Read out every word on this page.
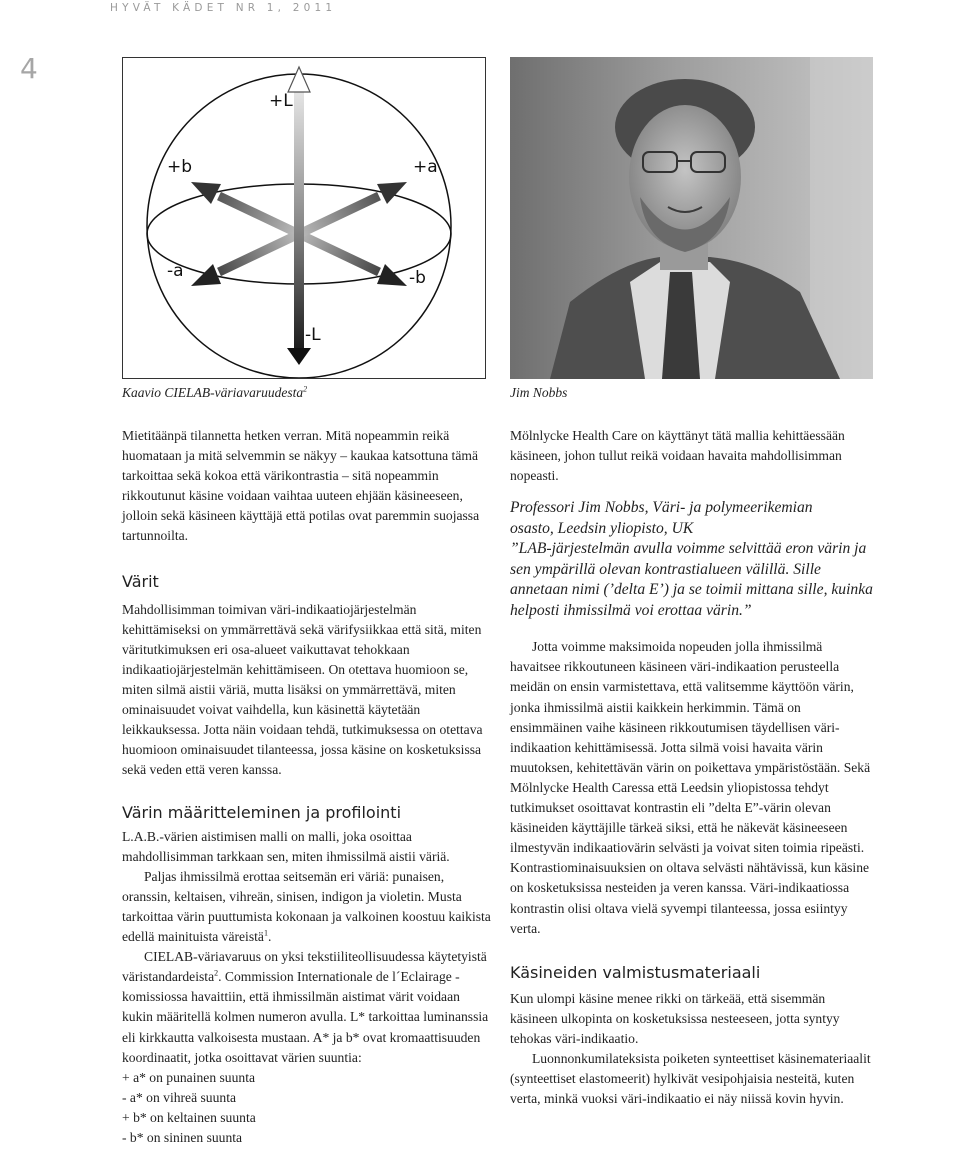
HYVÄT KÄDET NR 1, 2011
4
+L
+b	+a
-a	-b
-L
Kaavio CIELAB-väriavaruudesta$^2$	Jim Nobbs

Mietitäänpä tilannetta hetken verran. Mitä nopeammin reikä huomataan ja mitä selvemmin se näkyy – kaukaa katsottuna tämä tarkoittaa sekä kokoa että värikontrastia – sitä nopeammin rikkoutunut käsine voidaan vaihtaa uuteen ehjään käsineeseen, jolloin sekä käsineen käyttäjä että potilas ovat paremmin suojassa tartunnoilta.

Värit

Mahdollisimman toimivan väri-indikaatiojärjestelmän kehittämiseksi on ymmärrettävä sekä värifysiikkaa että sitä, miten väritutkimuksen eri osa-alueet vaikuttavat tehokkaan indikaatiojärjestelmän kehittämiseen. On otettava huomioon se, miten silmä aistii väriä, mutta lisäksi on ymmärrettävä, miten ominaisuudet voivat vaihdella, kun käsinettä käytetään leikkauksessa. Jotta näin voidaan tehdä, tutkimuksessa on otettava huomioon ominaisuudet tilanteessa, jossa käsine on kosketuksissa sekä veden että veren kanssa.

Värin määritteleminen ja profilointi

L.A.B.-värien aistimisen malli on malli, joka osoittaa mahdollisimman tarkkaan sen, miten ihmissilmä aistii väriä.

Paljas ihmissilmä erottaa seitsemän eri väriä: punaisen, oranssin, keltaisen, vihreän, sinisen, indigon ja violetin. Musta tarkoittaa värin puuttumista kokonaan ja valkoinen koostuu kaikista edellä mainituista väreistä$^1$.

CIELAB-väriavaruus on yksi tekstiiliteollisuudessa käytetyistä väristandardeista$^2$. Commission Internationale de l´Eclairage -komissiossa havaittiin, että ihmissilmän aistimat värit voidaan kukin määritellä kolmen numeron avulla. L* tarkoittaa luminanssia eli kirkkautta valkoisesta mustaan. A* ja b* ovat kromaattisuuden koordinaatit, jotka osoittavat värien suuntia:

+ a* on punainen suunta

- a* on vihreä suunta

+ b* on keltainen suunta

- b* on sininen suunta

Mölnlycke Health Care on käyttänyt tätä mallia kehittäessään käsineen, johon tullut reikä voidaan havaita mahdollisimman nopeasti.

Professori Jim Nobbs, Väri- ja polymeerikemian

osasto, Leedsin yliopisto, UK

”LAB-järjestelmän avulla voimme selvittää eron värin ja sen ympärillä olevan kontrastialueen välillä. Sille annetaan nimi (’delta E’) ja se toimii mittana sille, kuinka helposti ihmissilmä voi erottaa värin.”

Jotta voimme maksimoida nopeuden jolla ihmissilmä havaitsee rikkoutuneen käsineen väri-indikaation perusteella meidän on ensin varmistettava, että valitsemme käyttöön värin, jonka ihmissilmä aistii kaikkein herkimmin. Tämä on ensimmäinen vaihe käsineen rikkoutumisen täydellisen väri-indikaation kehittämisessä. Jotta silmä voisi havaita värin muutoksen, kehitettävän värin on poikettava ympäristöstään. Sekä Mölnlycke Health Caressa että Leedsin yliopistossa tehdyt tutkimukset osoittavat kontrastin eli ”delta E”-värin olevan käsineiden käyttäjille tärkeä siksi, että he näkevät käsineeseen ilmestyvän indikaatiovärin selvästi ja voivat siten toimia ripeästi. Kontrastiominaisuuksien on oltava selvästi nähtävissä, kun käsine on kosketuksissa nesteiden ja veren kanssa. Väri-indikaatiossa kontrastin olisi oltava vielä syvempi tilanteessa, jossa esiintyy verta.

Käsineiden valmistusmateriaali

Kun ulompi käsine menee rikki on tärkeää, että sisemmän käsineen ulkopinta on kosketuksissa nesteeseen, jotta syntyy tehokas väri-indikaatio.

Luonnonkumilateksista poiketen synteettiset käsinemateriaalit (synteettiset elastomeerit) hylkivät vesipohjaisia nesteitä, kuten verta, minkä vuoksi väri-indikaatio ei näy niissä kovin hyvin.
